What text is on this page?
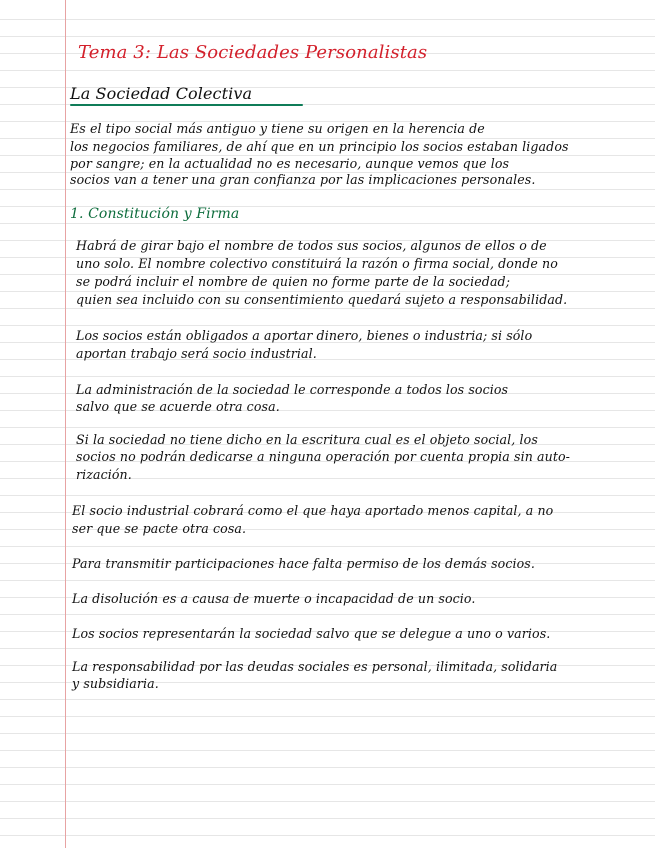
Tema 3: Las Sociedades Personalistas
La Sociedad Colectiva
Es el tipo social más antiguo y tiene su origen en la herencia de
los negocios familiares, de ahí que en un principio los socios estaban ligados
por sangre; en la actualidad no es necesario, aunque vemos que los
socios van a tener una gran confianza por las implicaciones personales.
1. Constitución y Firma
Habrá de girar bajo el nombre de todos sus socios, algunos de ellos o de
uno solo. El nombre colectivo constituirá la razón o firma social, donde no
se podrá incluir el nombre de quien no forme parte de la sociedad;
quien sea incluido con su consentimiento quedará sujeto a responsabilidad.
Los socios están obligados a aportar dinero, bienes o industria; si sólo
aportan trabajo será socio industrial.
La administración de la sociedad le corresponde a todos los socios
salvo que se acuerde otra cosa.
Si la sociedad no tiene dicho en la escritura cual es el objeto social, los
socios no podrán dedicarse a ninguna operación por cuenta propia sin auto-
rización.
El socio industrial cobrará como el que haya aportado menos capital, a no
ser que se pacte otra cosa.
Para transmitir participaciones hace falta permiso de los demás socios.
La disolución es a causa de muerte o incapacidad de un socio.
Los socios representarán la sociedad salvo que se delegue a uno o varios.
La responsabilidad por las deudas sociales es personal, ilimitada, solidaria
y subsidiaria.
